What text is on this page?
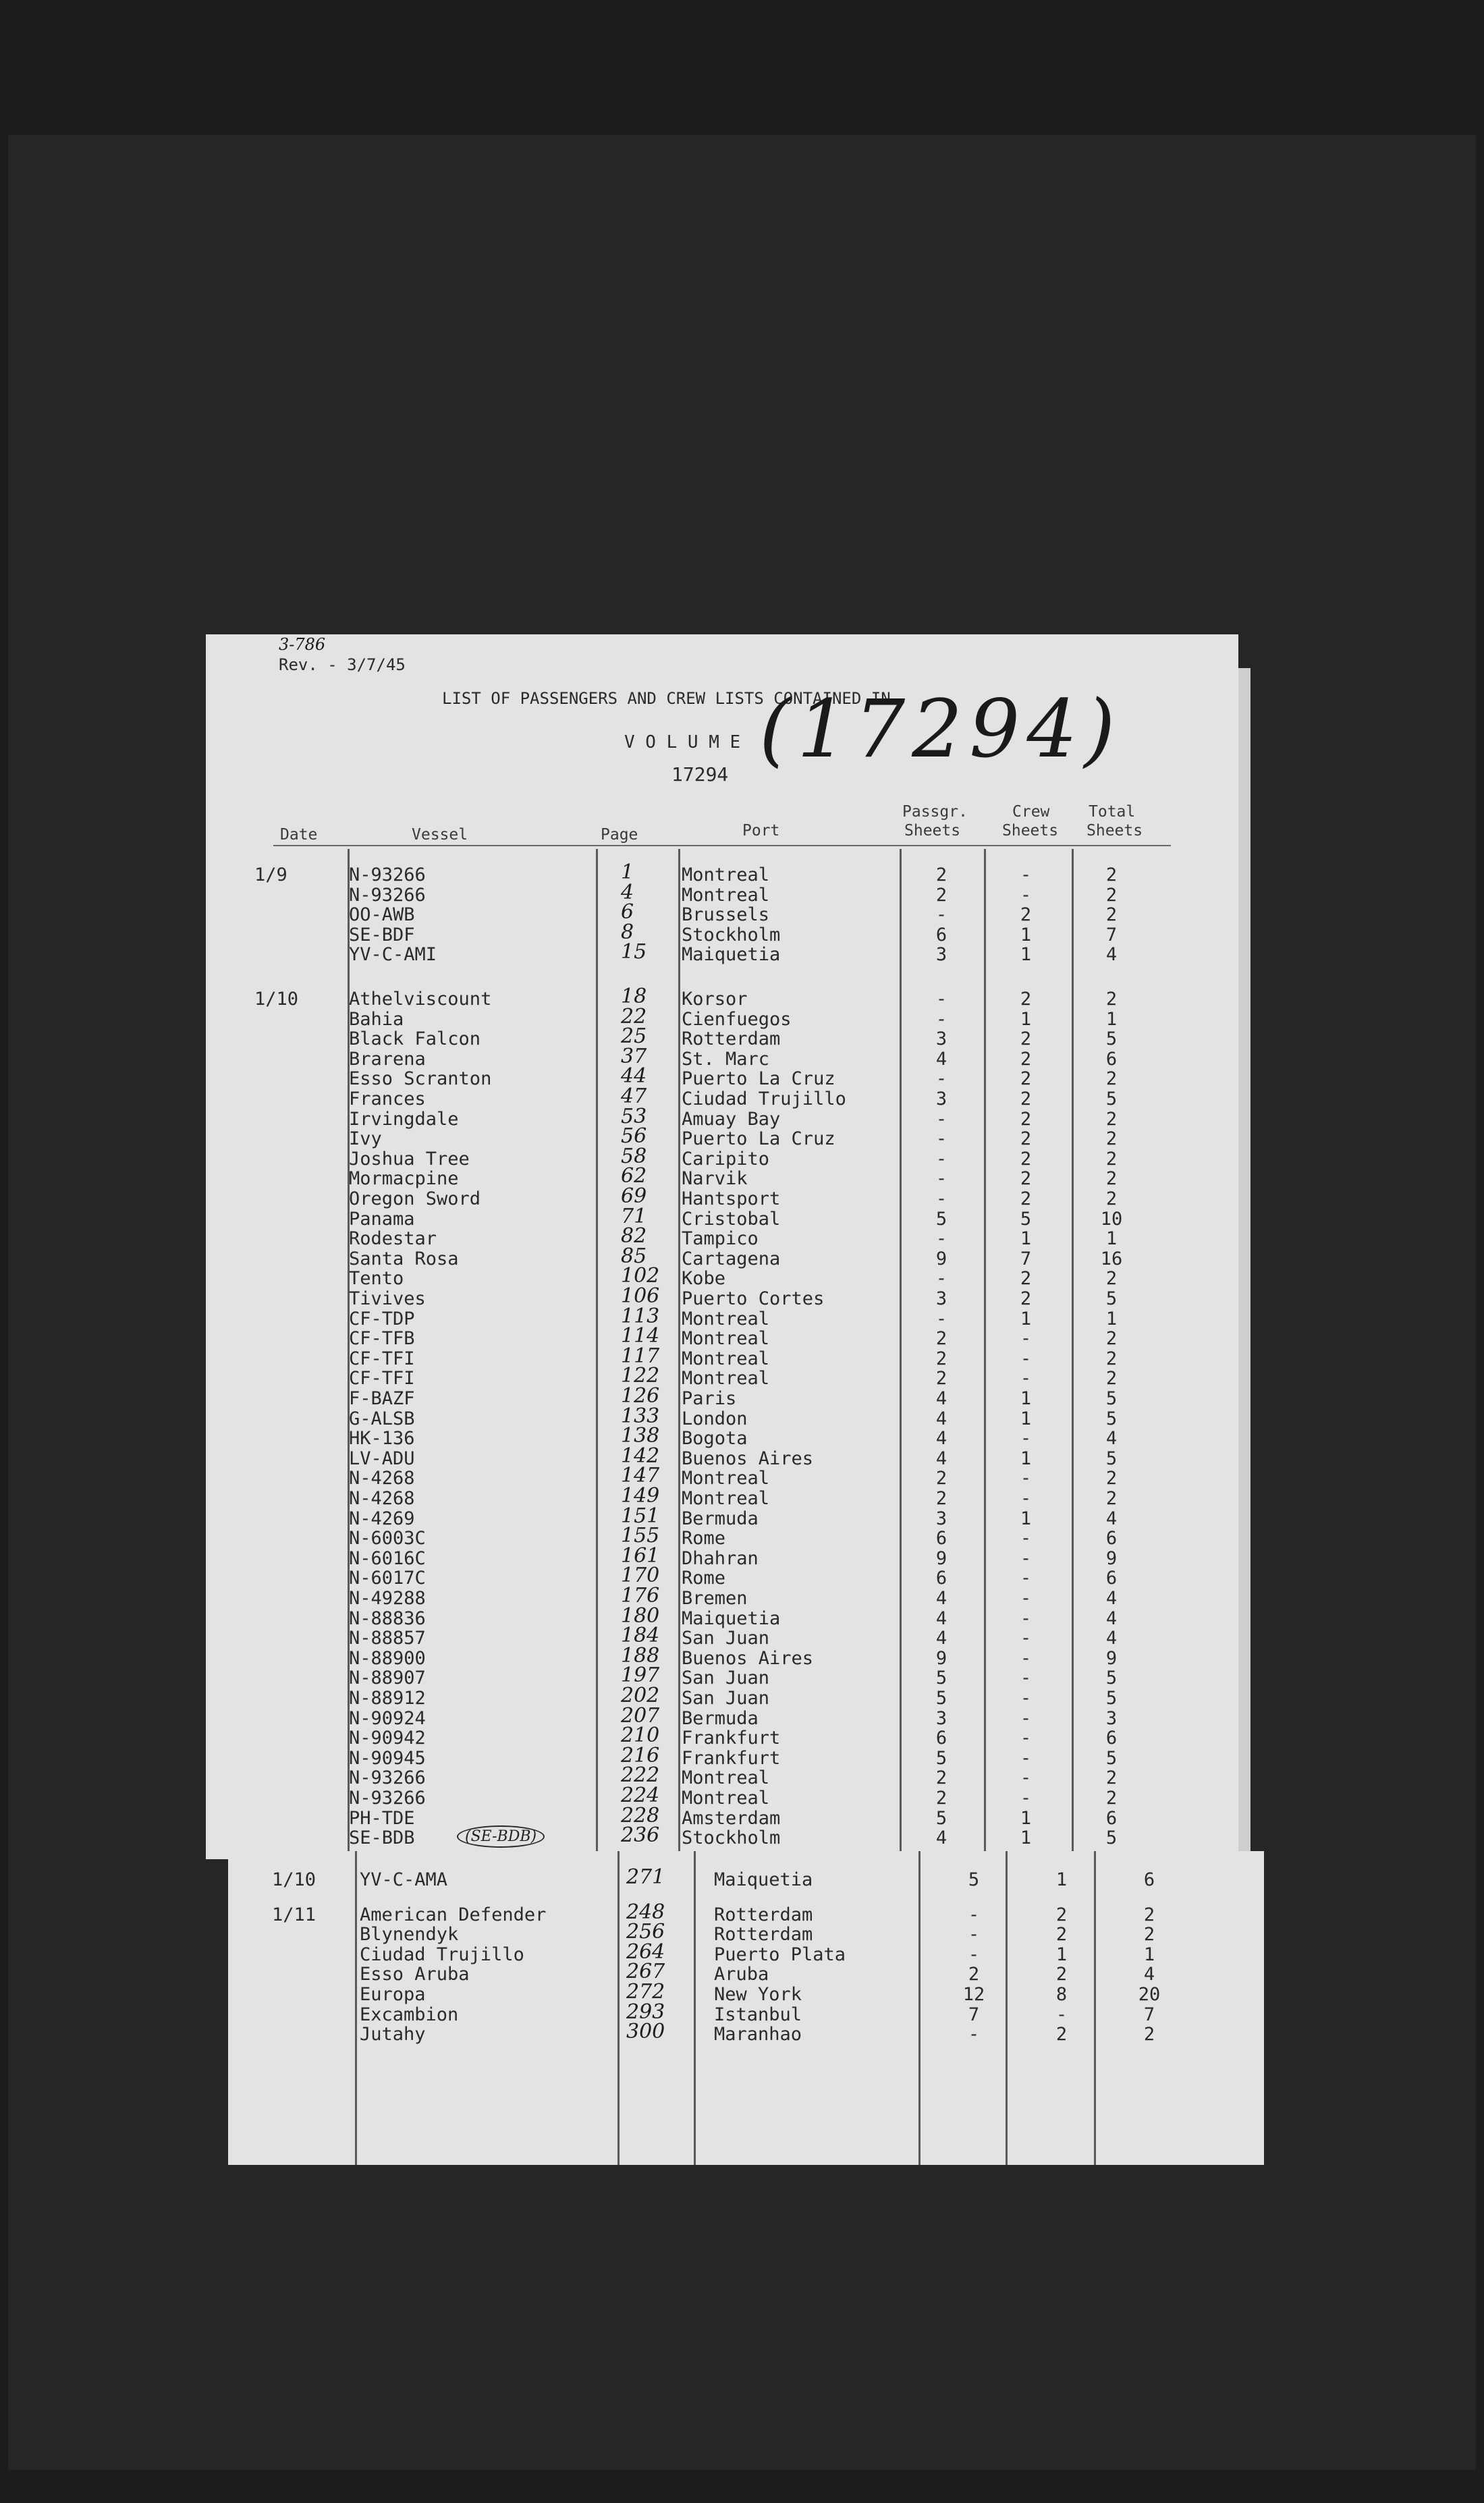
3-786
Rev. - 3/7/45
LIST OF PASSENGERS AND CREW LISTS CONTAINED IN
V O L U M E
17294
Date	Vessel	Page	Port
Passgr.
Sheets
Crew
Sheets
Total
Sheets
1/9	N-93266	1	Montreal	2	-	2
N-93266	4	Montreal	2	-	2
OO-AWB	6	Brussels	-	2	2
SE-BDF	8	Stockholm	6	1	7
YV-C-AMI	15 Maiquetia	3	1	4
1/10	Athelviscount	18 Korsor	-	2	2
Bahia	22 Cienfuegos	-	1	1
Black Falcon	25 Rotterdam	3	2	5
Brarena	37 St. Marc	4	2	6
Esso Scranton	44 Puerto La Cruz	-	2	2
Frances	47 Ciudad Trujillo	3	2	5
Irvingdale	53 Amuay Bay	-	2	2
Ivy	56 Puerto La Cruz	-	2	2
Joshua Tree	58 Caripito	-	2	2
Mormacpine	62 Narvik	-	2	2
Oregon Sword	69 Hantsport	-	2	2
Panama	71 Cristobal	5	5	10
Rodestar	82 Tampico	-	1	1
Santa Rosa	85 Cartagena	9	7	16
Tento	102 Kobe	-	2	2
Tivives	106 Puerto Cortes	3	2	5
CF-TDP	113 Montreal	-	1	1
CF-TFB	114 Montreal	2	-	2
CF-TFI	117 Montreal	2	-	2
CF-TFI	122 Montreal	2	-	2
F-BAZF	126 Paris	4	1	5
G-ALSB	133 London	4	1	5
HK-136	138 Bogota	4	-	4
LV-ADU	142 Buenos Aires	4	1	5
N-4268	147 Montreal	2	-	2
N-4268	149 Montreal	2	-	2
N-4269	151 Bermuda	3	1	4
N-6003C	155 Rome	6	-	6
N-6016C	161 Dhahran	9	-	9
N-6017C	170 Rome	6	-	6
N-49288	176 Bremen	4	-	4
N-88836	180 Maiquetia	4	-	4
N-88857	184 San Juan	4	-	4
N-88900	188 Buenos Aires	9	-	9
N-88907	197 San Juan	5	-	5
N-88912	202 San Juan	5	-	5
N-90924	207 Bermuda	3	-	3
N-90942	210 Frankfurt	6	-	6
N-90945	216 Frankfurt	5	-	5
N-93266	222 Montreal	2	-	2
N-93266	224 Montreal	2	-	2
PH-TDE	228 Amsterdam	5	1	6
SE-BDB	(SE-BDB)	236 Stockholm	4	1	5
(17294)
1/10 YV-C-AMA	271	Maiquetia	5	1	6
1/11 American Defender	248	Rotterdam	-	2	2
Blynendyk	256	Rotterdam	-	2	2
Ciudad Trujillo	264	Puerto Plata	-	1	1
Esso Aruba	267	Aruba	2	2	4
Europa	272	New York	12	8	20
Excambion	293	Istanbul	7	-	7
Jutahy	300	Maranhao	-	2	2
